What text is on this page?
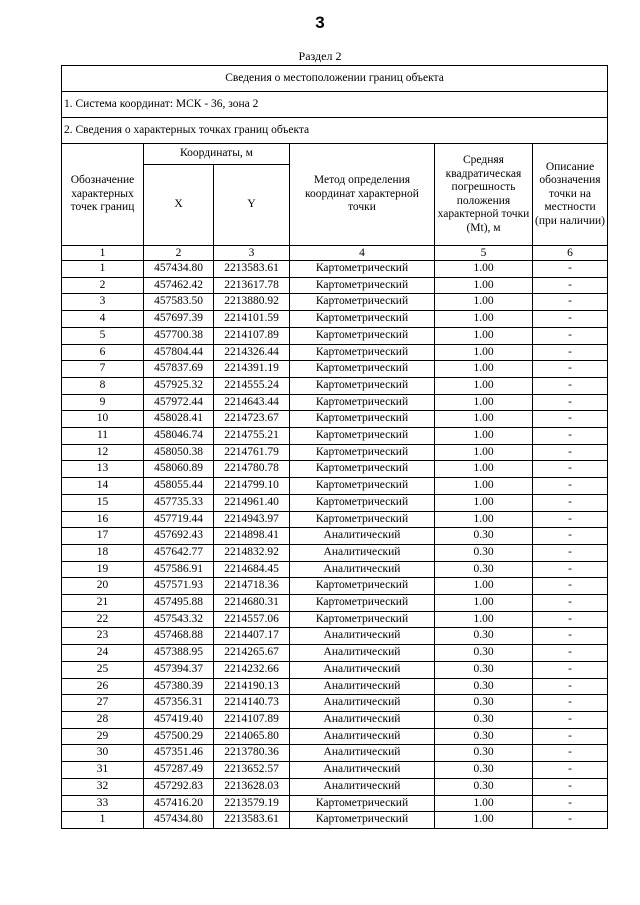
3
Раздел 2
Сведения о местоположении границ объекта					
1. Система координат: МСК - 36, зона 2					
2. Сведения о характерных точках границ объекта					
Обозначение характерных точек границ	Координаты, м		Метод определения координат характерной точки	Средняя квадратическая погрешность положения характерной точки (Mt), м	Описание обозначения точки на местности (при наличии)
	X	Y			
1	2	3	4	5	6
1	457434.80	2213583.61	Картометрический	1.00	-
2	457462.42	2213617.78	Картометрический	1.00	-
3	457583.50	2213880.92	Картометрический	1.00	-
4	457697.39	2214101.59	Картометрический	1.00	-
5	457700.38	2214107.89	Картометрический	1.00	-
6	457804.44	2214326.44	Картометрический	1.00	-
7	457837.69	2214391.19	Картометрический	1.00	-
8	457925.32	2214555.24	Картометрический	1.00	-
9	457972.44	2214643.44	Картометрический	1.00	-
10	458028.41	2214723.67	Картометрический	1.00	-
11	458046.74	2214755.21	Картометрический	1.00	-
12	458050.38	2214761.79	Картометрический	1.00	-
13	458060.89	2214780.78	Картометрический	1.00	-
14	458055.44	2214799.10	Картометрический	1.00	-
15	457735.33	2214961.40	Картометрический	1.00	-
16	457719.44	2214943.97	Картометрический	1.00	-
17	457692.43	2214898.41	Аналитический	0.30	-
18	457642.77	2214832.92	Аналитический	0.30	-
19	457586.91	2214684.45	Аналитический	0.30	-
20	457571.93	2214718.36	Картометрический	1.00	-
21	457495.88	2214680.31	Картометрический	1.00	-
22	457543.32	2214557.06	Картометрический	1.00	-
23	457468.88	2214407.17	Аналитический	0.30	-
24	457388.95	2214265.67	Аналитический	0.30	-
25	457394.37	2214232.66	Аналитический	0.30	-
26	457380.39	2214190.13	Аналитический	0.30	-
27	457356.31	2214140.73	Аналитический	0.30	-
28	457419.40	2214107.89	Аналитический	0.30	-
29	457500.29	2214065.80	Аналитический	0.30	-
30	457351.46	2213780.36	Аналитический	0.30	-
31	457287.49	2213652.57	Аналитический	0.30	-
32	457292.83	2213628.03	Аналитический	0.30	-
33	457416.20	2213579.19	Картометрический	1.00	-
1	457434.80	2213583.61	Картометрический	1.00	-
